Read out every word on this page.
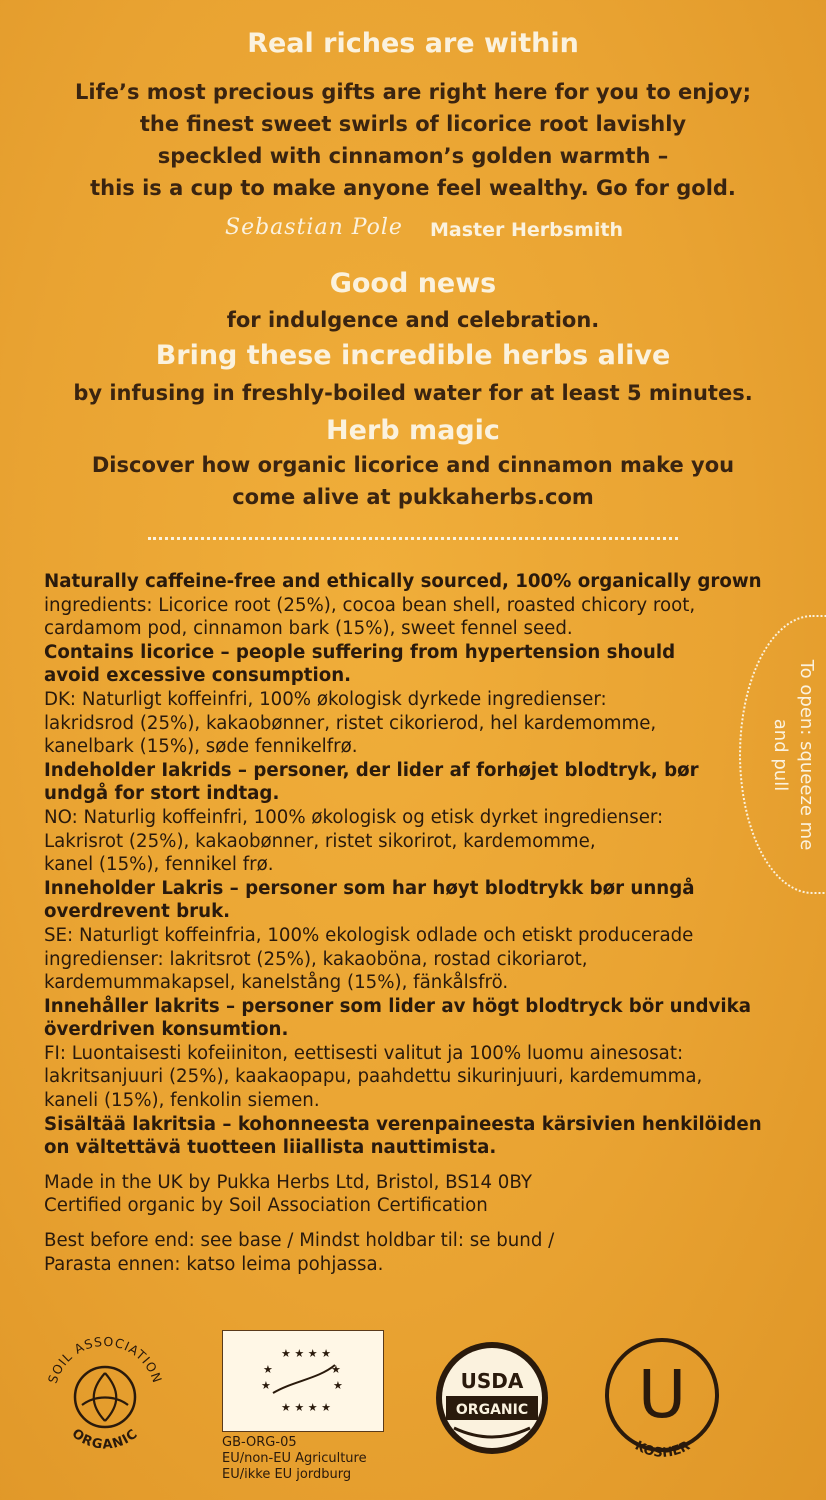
Real riches are within
Life’s most precious gifts are right here for you to enjoy;
the finest sweet swirls of licorice root lavishly
speckled with cinnamon’s golden warmth –
this is a cup to make anyone feel wealthy. Go for gold.
Sebastian Pole Master Herbsmith
Good news
for indulgence and celebration.
Bring these incredible herbs alive
by infusing in freshly-boiled water for at least 5 minutes.
Herb magic
Discover how organic licorice and cinnamon make you
come alive at pukkaherbs.com
Naturally caffeine-free and ethically sourced, 100% organically grown
ingredients: Licorice root (25%), cocoa bean shell, roasted chicory root,
cardamom pod, cinnamon bark (15%), sweet fennel seed.
Contains licorice – people suffering from hypertension should
avoid excessive consumption.
DK: Naturligt koffeinfri, 100% økologisk dyrkede ingredienser:
lakridsrod (25%), kakaobønner, ristet cikorierod, hel kardemomme,
kanelbark (15%), søde fennikelfrø.
Indeholder Iakrids – personer, der lider af forhøjet blodtryk, bør
undgå for stort indtag.
NO: Naturlig koffeinfri, 100% økologisk og etisk dyrket ingredienser:
Lakrisrot (25%), kakaobønner, ristet sikorirot, kardemomme,
kanel (15%), fennikel frø.
Inneholder Lakris – personer som har høyt blodtrykk bør unngå
overdrevent bruk.
SE: Naturligt koffeinfria, 100% ekologisk odlade och etiskt producerade
ingredienser: lakritsrot (25%), kakaoböna, rostad cikoriarot,
kardemummakapsel, kanelstång (15%), fänkålsfrö.
Innehåller lakrits – personer som lider av högt blodtryck bör undvika
överdriven konsumtion.
FI: Luontaisesti kofeiiniton, eettisesti valitut ja 100% luomu ainesosat:
lakritsanjuuri (25%), kaakaopapu, paahdettu sikurinjuuri, kardemumma,
kaneli (15%), fenkolin siemen.
Sisältää lakritsia – kohonneesta verenpaineesta kärsivien henkilöiden
on vältettävä tuotteen liiallista nauttimista.
Made in the UK by Pukka Herbs Ltd, Bristol, BS14 0BY
Certified organic by Soil Association Certification
Best before end: see base / Mindst holdbar til: se bund /
Parasta ennen: katso leima pohjassa.
To open: squeeze me
and pull
SOIL ASSOCIATION
ORGANIC
★ ★ ★ ★
★	★
★	★
★ ★ ★ ★
GB-ORG-05
EU/non-EU Agriculture
EU/ikke EU jordburg
USDA
ORGANIC U
KOSHER
